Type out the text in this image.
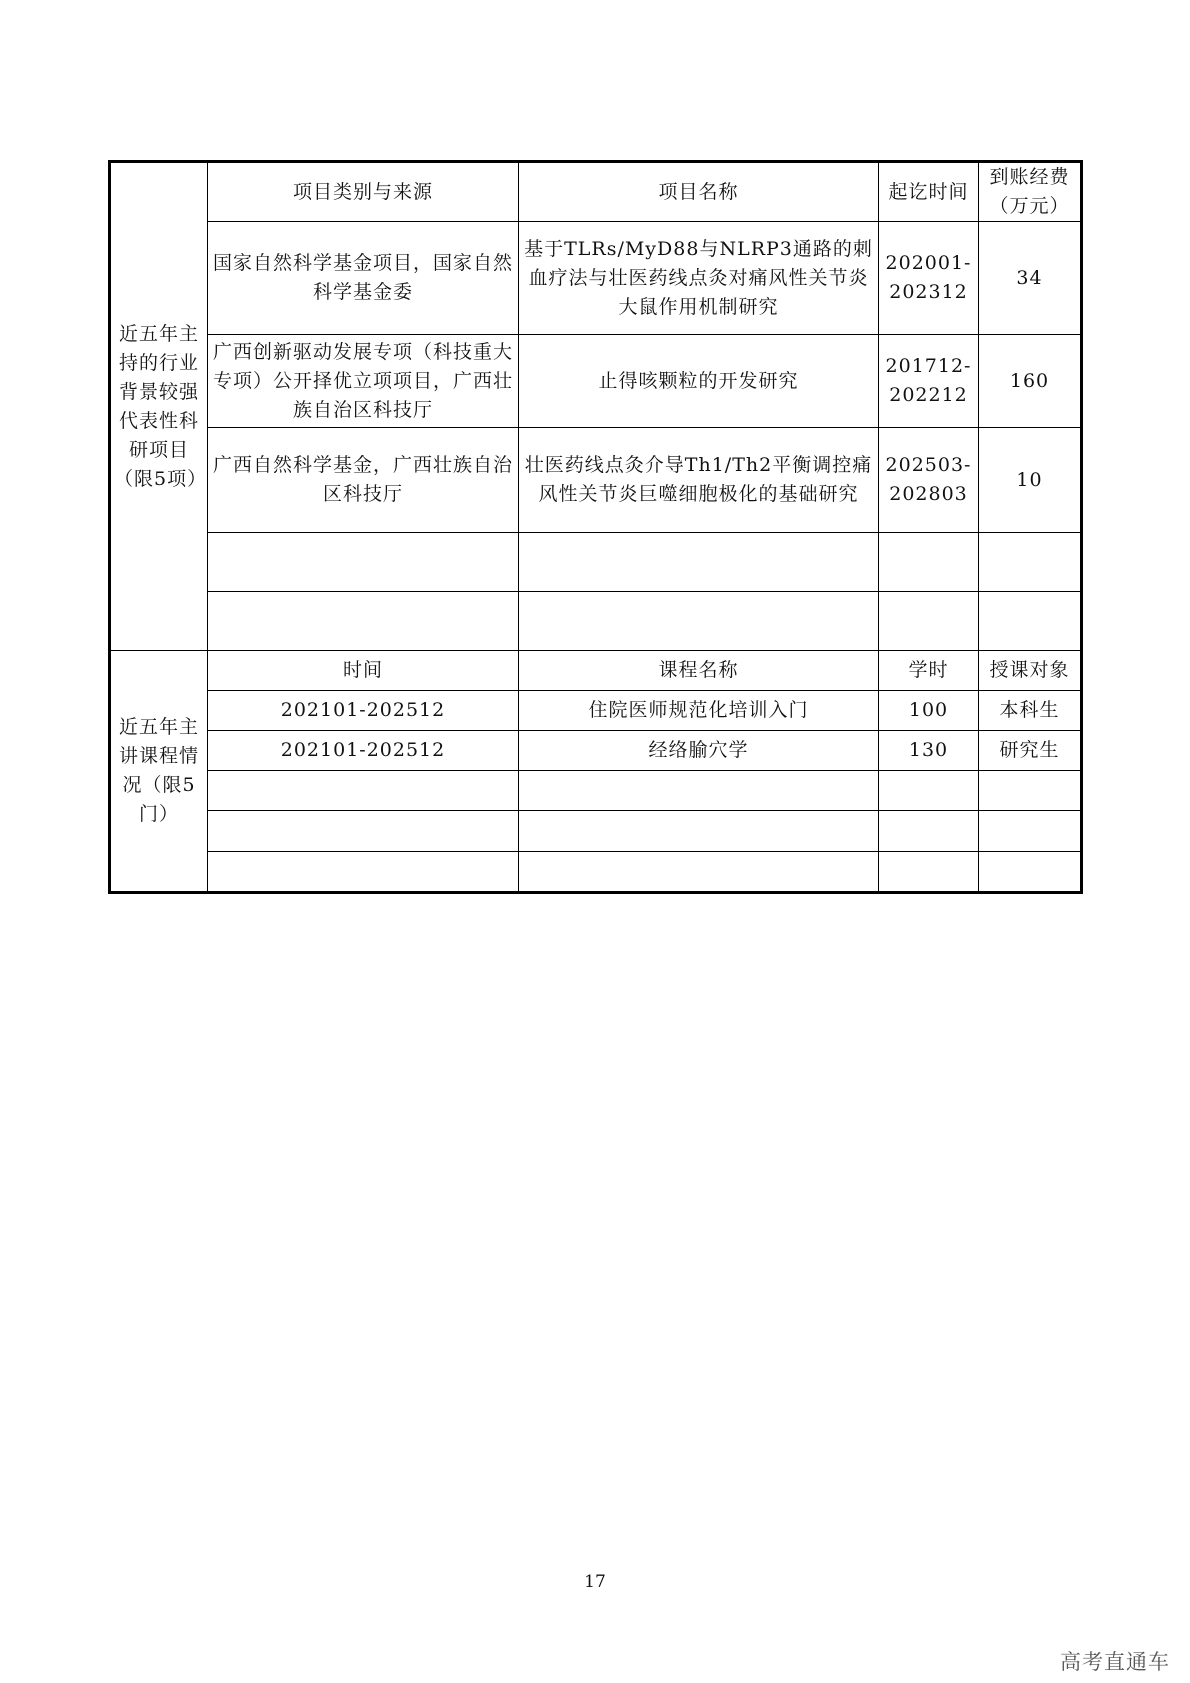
近五年主持的行业背景较强代表性科研项目（限5项）	项目类别与来源	项目名称	起讫时间	到账经费（万元）
	国家自然科学基金项目，国家自然科学基金委	基于TLRs/MyD88与NLRP3通路的刺血疗法与壮医药线点灸对痛风性关节炎大鼠作用机制研究	202001-202312	34
	广西创新驱动发展专项（科技重大专项）公开择优立项项目，广西壮族自治区科技厅	止得咳颗粒的开发研究	201712-202212	160
	广西自然科学基金，广西壮族自治区科技厅	壮医药线点灸介导Th1/Th2平衡调控痛风性关节炎巨噬细胞极化的基础研究	202503-202803	10

近五年主讲课程情况（限5门）	时间	课程名称	学时	授课对象
	202101-202512	住院医师规范化培训入门	100	本科生
	202101-202512	经络腧穴学	130	研究生

17
高考直通车
